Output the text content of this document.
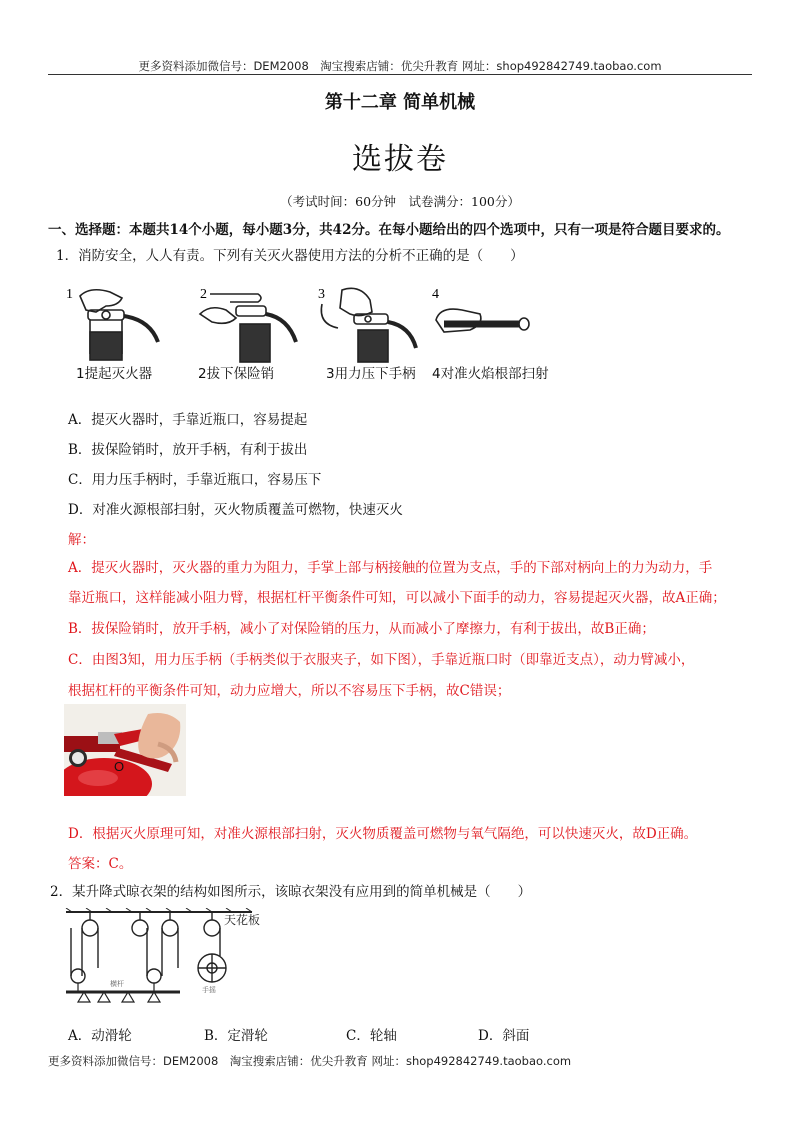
更多资料添加微信号：DEM2008　淘宝搜索店铺：优尖升教育 网址：shop492842749.taobao.com
第十二章 简单机械
选拔卷
（考试时间：60分钟　试卷满分：100分）
一、选择题：本题共14个小题，每小题3分，共42分。在每小题给出的四个选项中，只有一项是符合题目要求的。
1．消防安全，人人有责。下列有关灭火器使用方法的分析不正确的是（　　）
1	2	3	4
1提起灭火器	2拔下保险销	3用力压下手柄 4对准火焰根部扫射
A．提灭火器时，手靠近瓶口，容易提起
B．拔保险销时，放开手柄，有利于拔出
C．用力压手柄时，手靠近瓶口，容易压下
D．对准火源根部扫射，灭火物质覆盖可燃物，快速灭火
解：
A．提灭火器时，灭火器的重力为阻力，手掌上部与柄接触的位置为支点，手的下部对柄向上的力为动力，手
靠近瓶口，这样能减小阻力臂，根据杠杆平衡条件可知，可以减小下面手的动力，容易提起灭火器，故A正确；
B．拔保险销时，放开手柄，减小了对保险销的压力，从而减小了摩擦力，有利于拔出，故B正确；
C．由图3知，用力压手柄（手柄类似于衣服夹子，如下图），手靠近瓶口时（即靠近支点），动力臂减小，
根据杠杆的平衡条件可知，动力应增大，所以不容易压下手柄，故C错误；
O
D．根据灭火原理可知，对准火源根部扫射，灭火物质覆盖可燃物与氧气隔绝，可以快速灭火，故D正确。
答案：C。
2．某升降式晾衣架的结构如图所示，该晾衣架没有应用到的简单机械是（　　）
天花板
横杆
手摇
A．动滑轮	B．定滑轮	C．轮轴	D．斜面
更多资料添加微信号：DEM2008　淘宝搜索店铺：优尖升教育 网址：shop492842749.taobao.com
